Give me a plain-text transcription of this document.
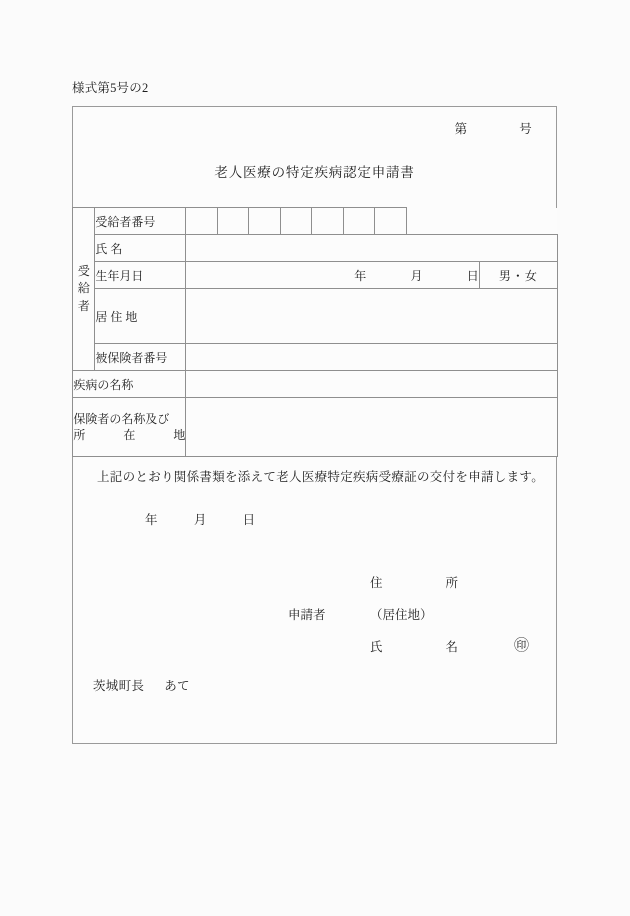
様式第5号の2
第	号
老人医療の特定疾病認定申請書
受
給
者	受給者番号									

氏 名									

生年月日	年 月 日								男・女

居 住 地									

	被保険者番号									

疾病の名称										

保険者の名称及び
所 在 地										

上記のとおり関係書類を添えて老人医療特定疾病受療証の交付を申請します。
年	月	日
住	所
申請者	（居住地）
氏	名	㊞
茨城町長 あて
